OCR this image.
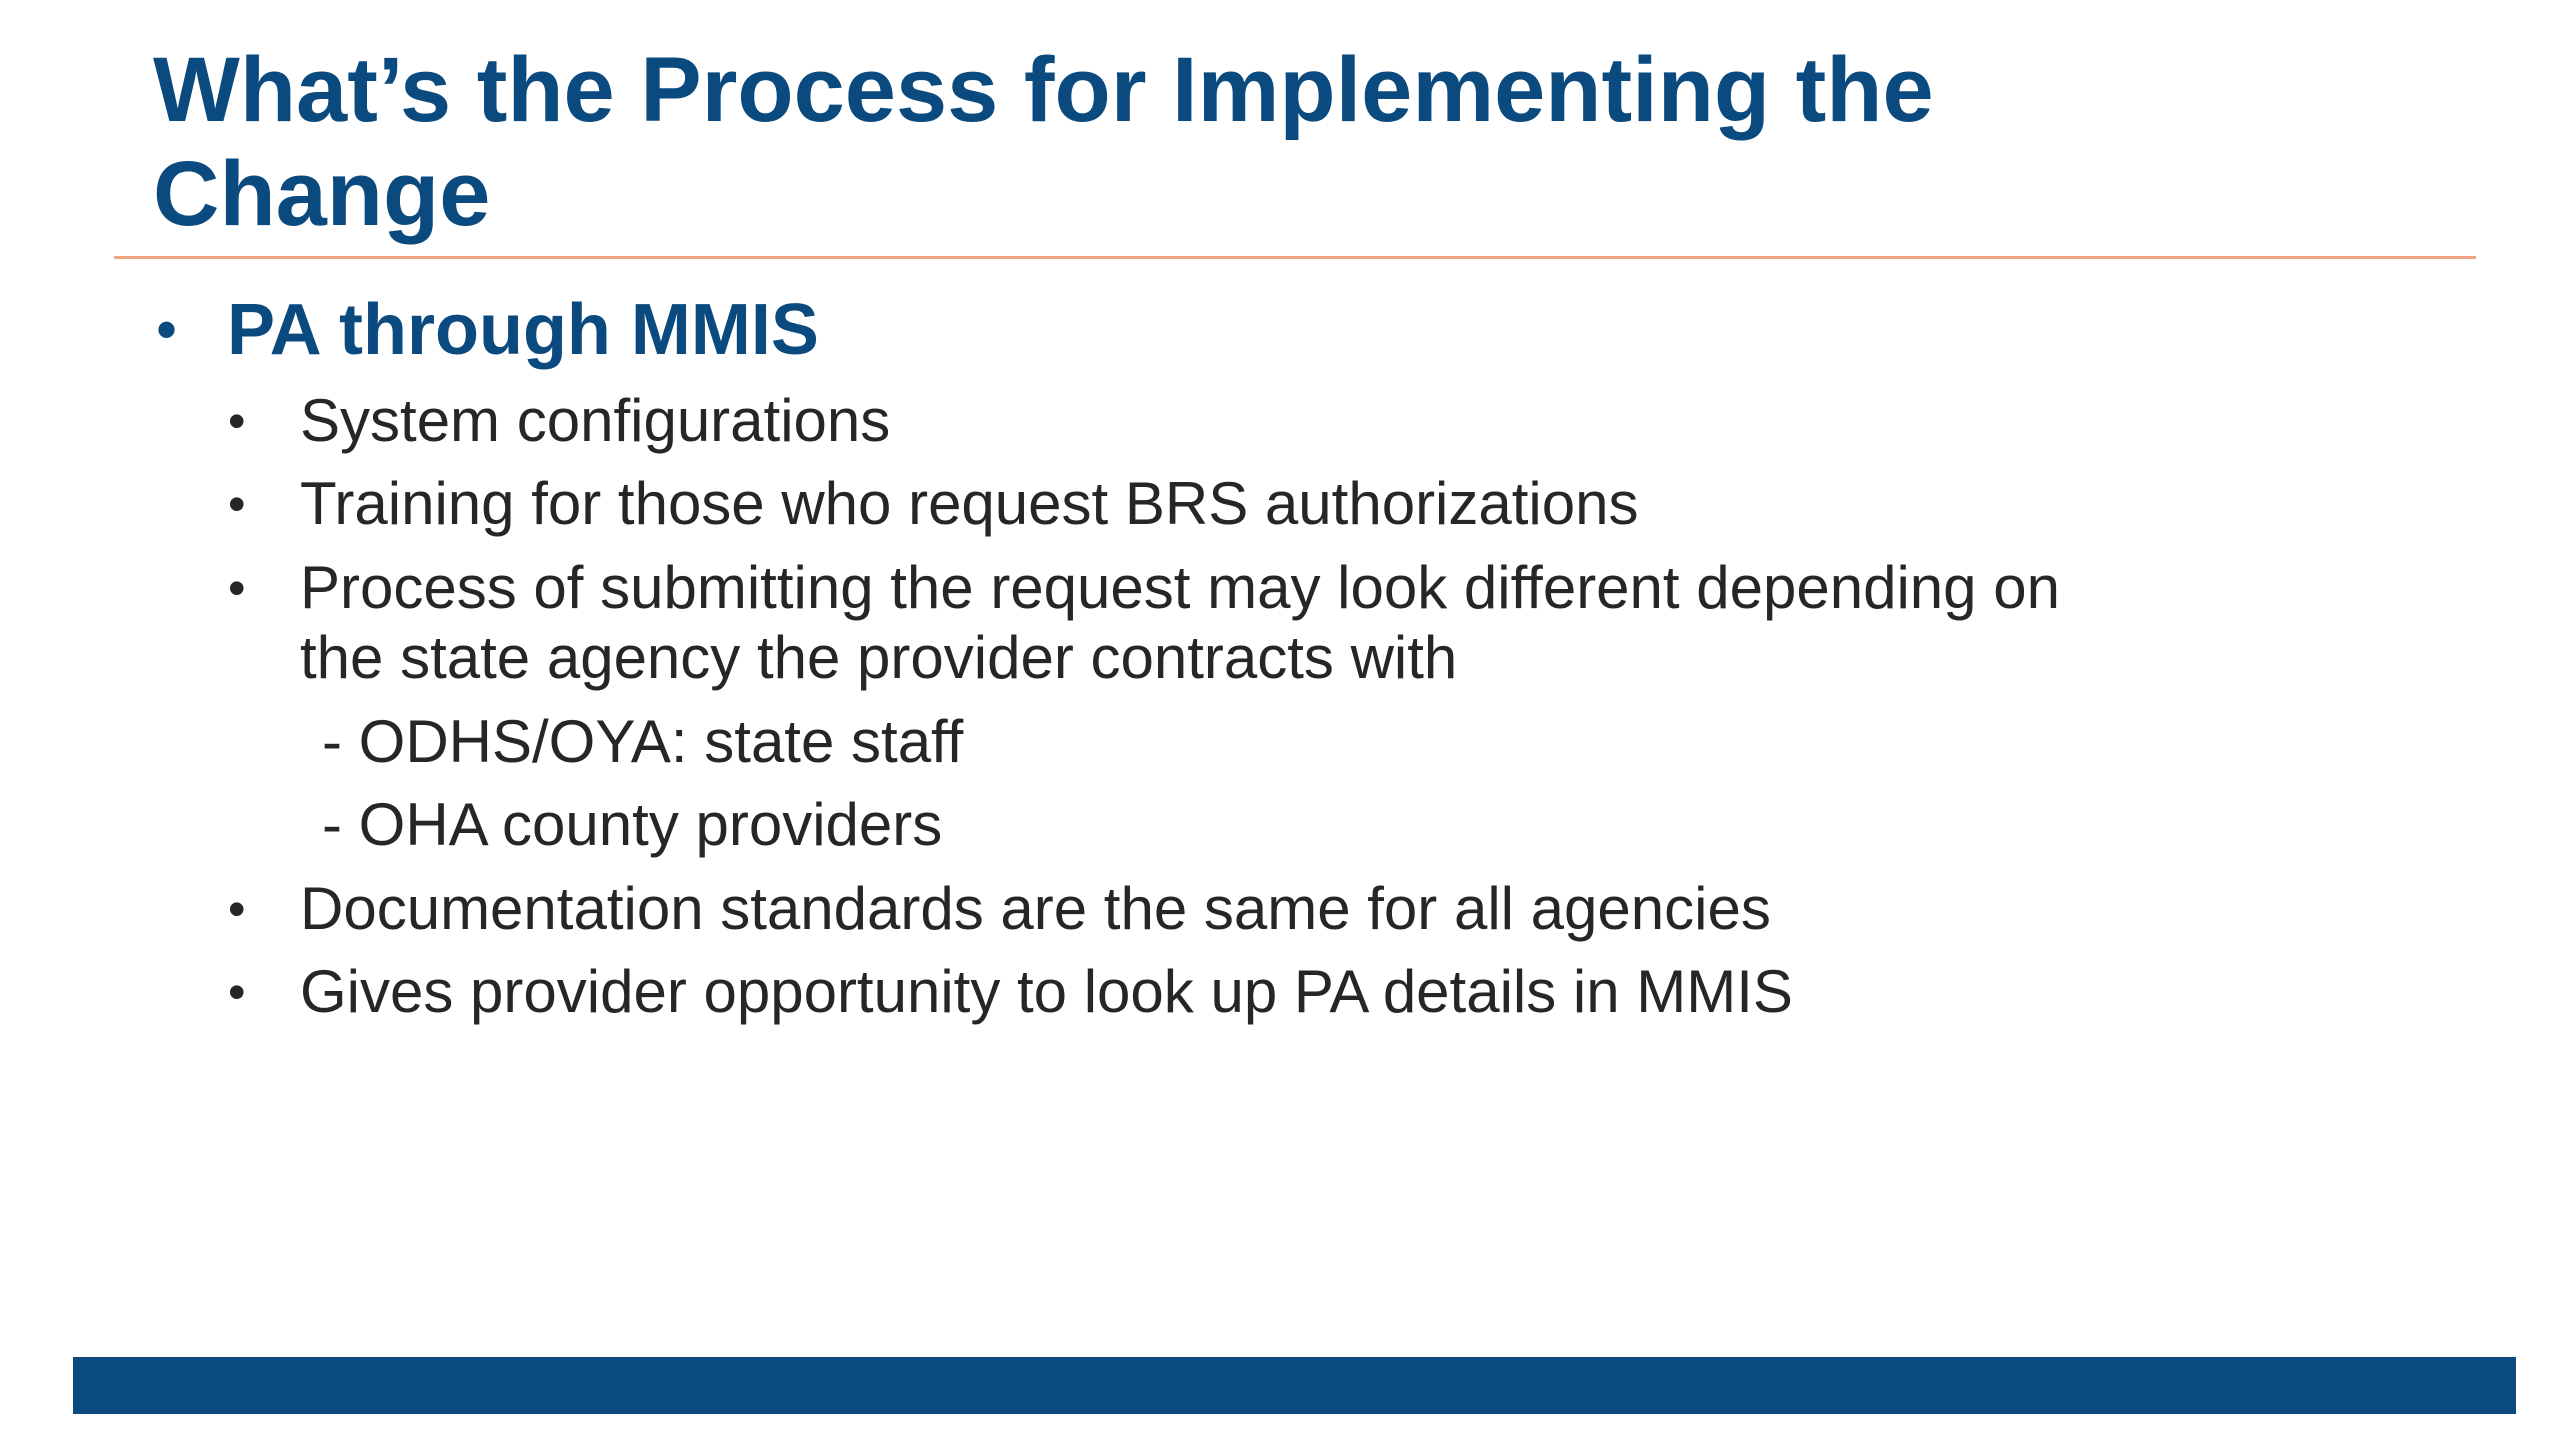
What’s the Process for Implementing the
Change
• PA through MMIS
• System configurations
• Training for those who request BRS authorizations
• Process of submitting the request may look different depending on
the state agency the provider contracts with
- ODHS/OYA: state staff
- OHA county providers
• Documentation standards are the same for all agencies
• Gives provider opportunity to look up PA details in MMIS
